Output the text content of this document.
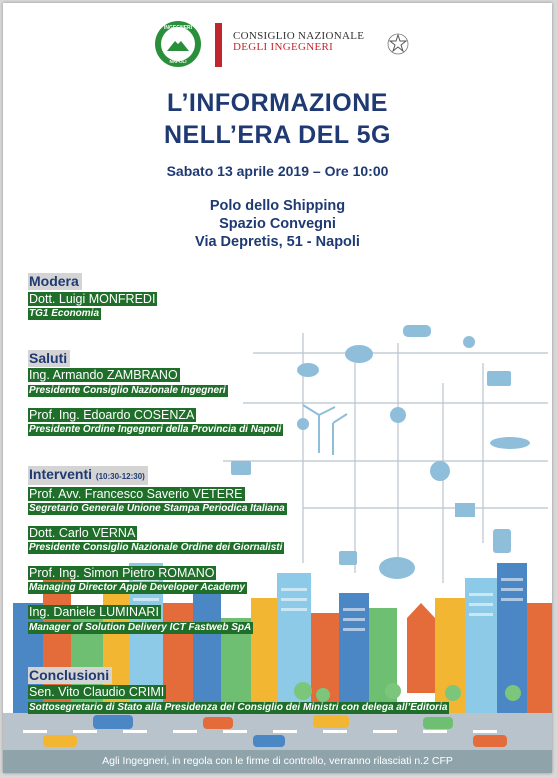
INGEGNERI
NAPOLI
CONSIGLIO NAZIONALE
DEGLI INGEGNERI
L’INFORMAZIONE
NELL’ERA DEL 5G
Sabato 13 aprile 2019 – Ore 10:00
Polo dello Shipping
Spazio Convegni
Via Depretis, 51 - Napoli
Modera
Dott. Luigi MONFREDI
TG1 Economia
Saluti
Ing. Armando ZAMBRANO
Presidente Consiglio Nazionale Ingegneri
Prof. Ing. Edoardo COSENZA
Presidente Ordine Ingegneri della Provincia di Napoli
Interventi (10:30-12:30)
Prof. Avv. Francesco Saverio VETERE
Segretario Generale Unione Stampa Periodica Italiana
Dott. Carlo VERNA
Presidente Consiglio Nazionale Ordine dei Giornalisti
Prof. Ing. Simon Pietro ROMANO
Managing Director Apple Developer Academy
Ing. Daniele LUMINARI
Manager of Solution Delivery ICT Fastweb SpA
Conclusioni
Sen. Vito Claudio CRIMI
Sottosegretario di Stato alla Presidenza del Consiglio dei Ministri con delega all’Editoria
Agli Ingegneri, in regola con le firme di controllo, verranno rilasciati n.2 CFP
